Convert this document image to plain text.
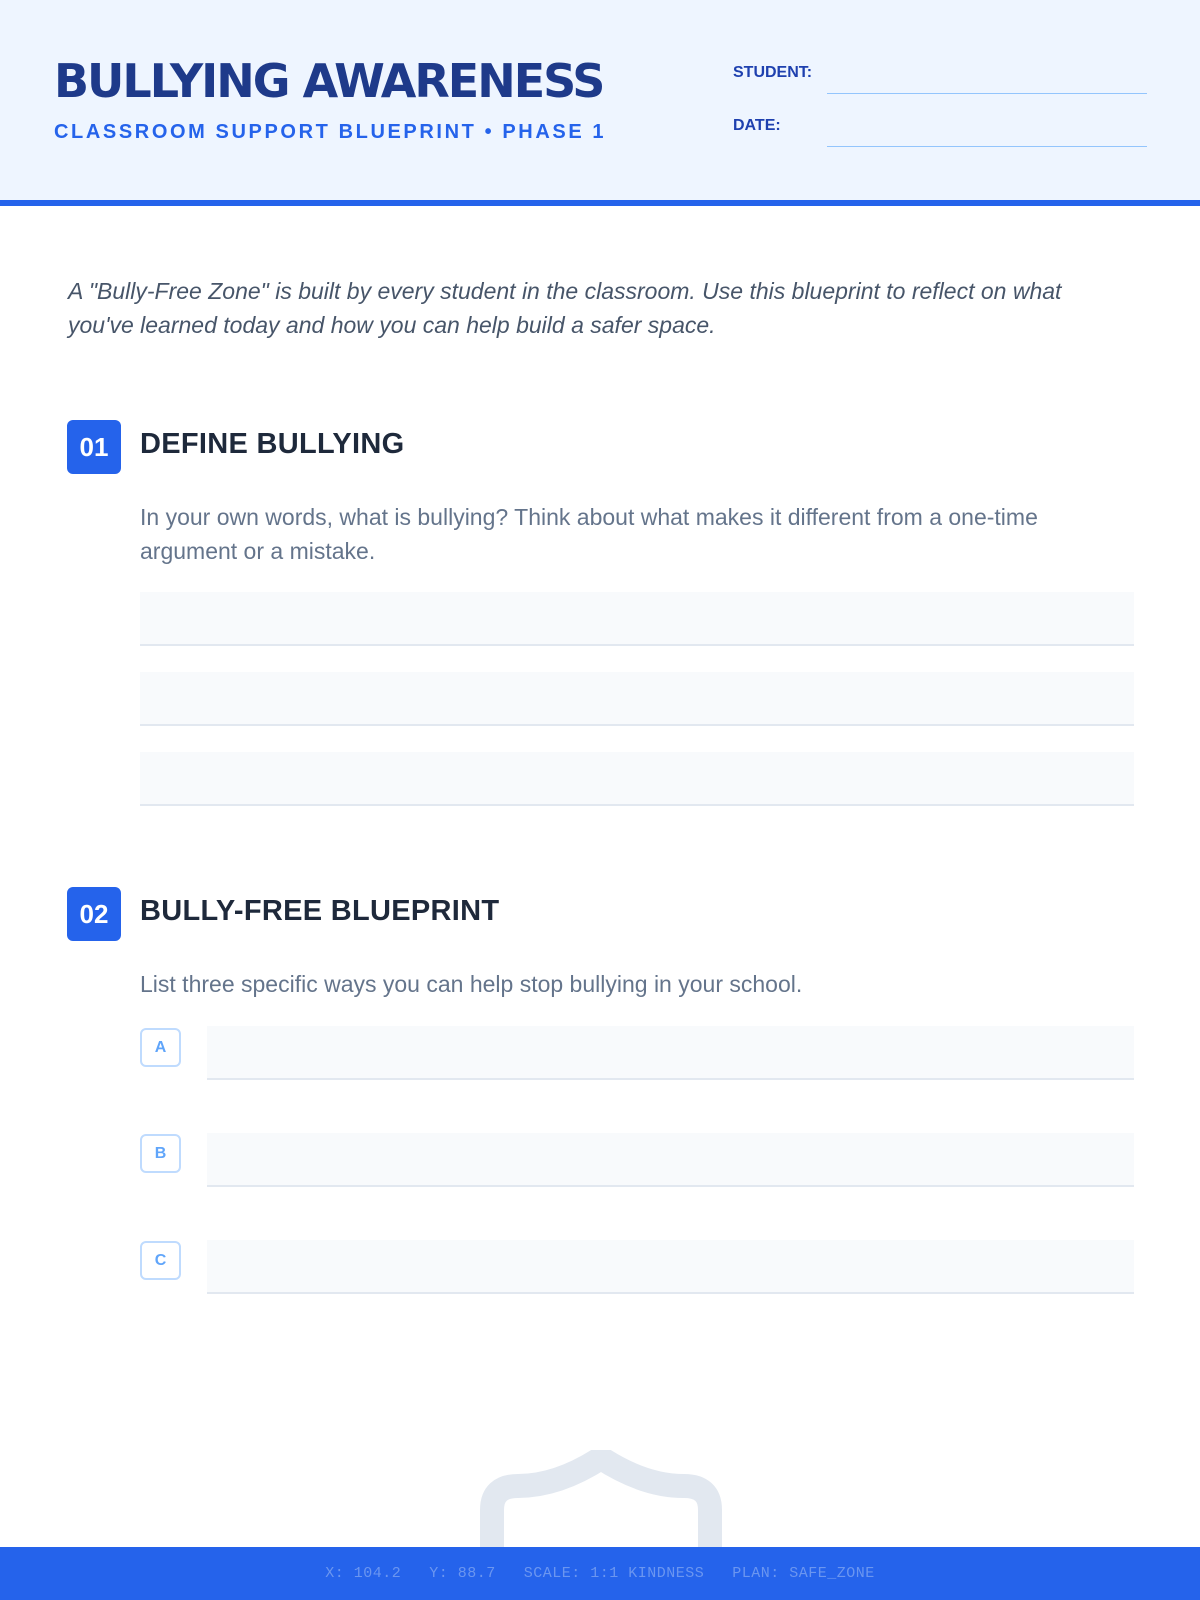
BULLYING AWARENESS
CLASSROOM SUPPORT BLUEPRINT • PHASE 1
STUDENT:
DATE:

A "Bully-Free Zone" is built by every student in the classroom. Use this blueprint to reflect on what you've learned today and how you can help build a safer space.

01	DEFINE BULLYING

In your own words, what is bullying? Think about what makes it different from a one-time argument or a mistake.

02	BULLY-FREE BLUEPRINT

List three specific ways you can help stop bullying in your school.

A
B
C
X: 104.2 Y: 88.7 SCALE: 1:1 KINDNESS PLAN: SAFE_ZONE
